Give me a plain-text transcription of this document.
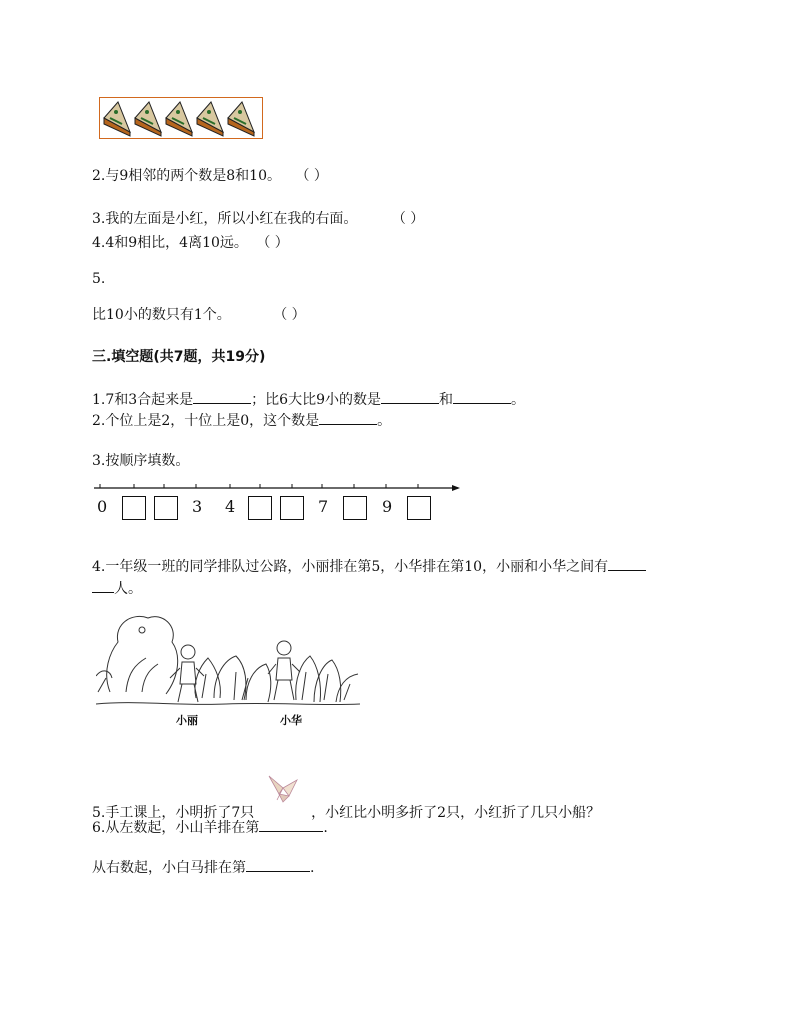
2.与9相邻的两个数是8和10。 （ ）
3.我的左面是小红，所以小红在我的右面。 （ ）
4.4和9相比，4离10远。 （ ）
5.
比10小的数只有1个。	（ ）
三.填空题(共7题，共19分)
1.7和3合起来是	；比6大比9小的数是	和	。
2.个位上是2，十位上是0，这个数是	。
3.按顺序填数。
0	3 4	7	9
4.一年级一班的同学排队过公路，小丽排在第5，小华排在第10，小丽和小华之间有
人。
小丽	小华
5.手工课上，小明折了7只	，小红比小明多折了2只，小红折了几只小船？
6.从左数起，小山羊排在第	.
从右数起，小白马排在第	.
